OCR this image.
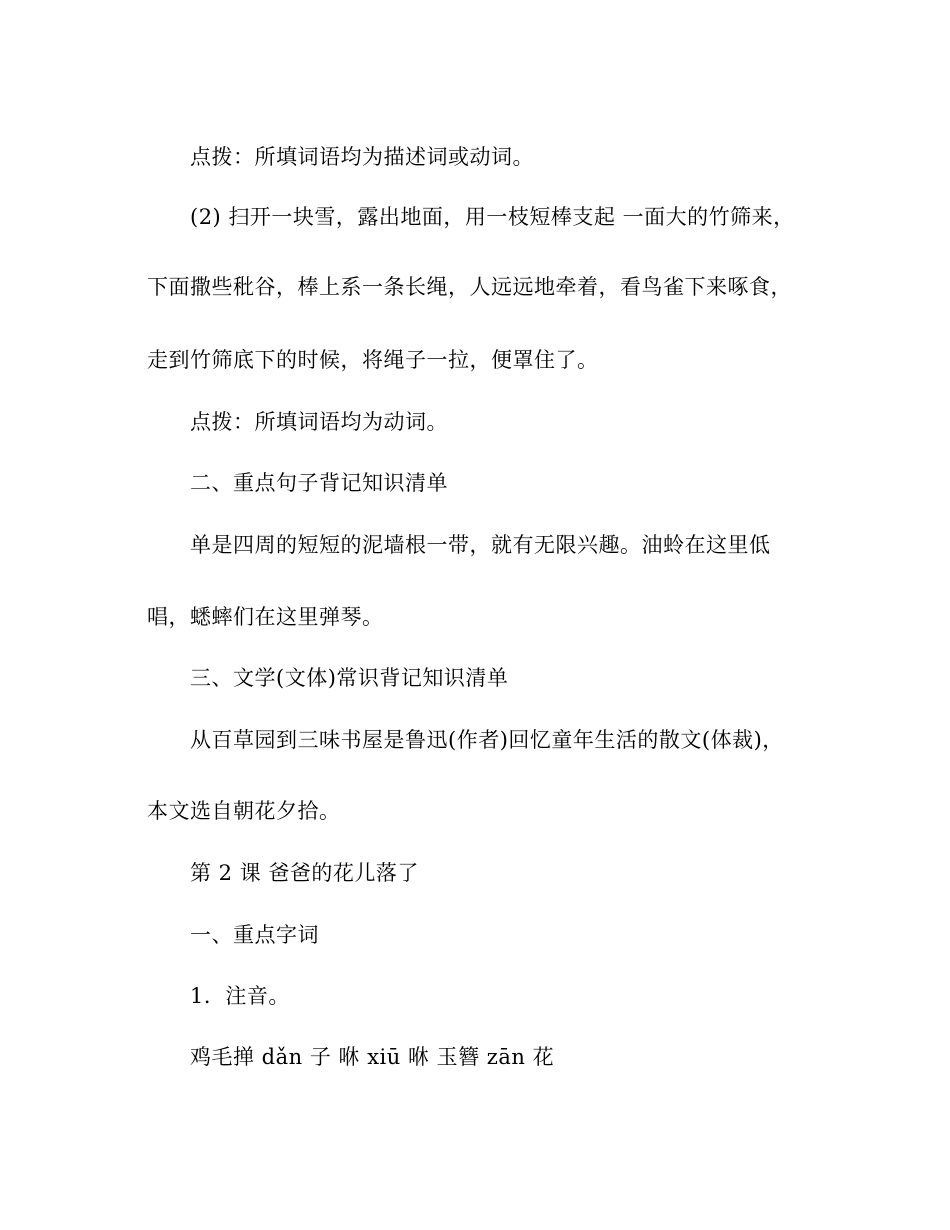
点拨：所填词语均为描述词或动词。
(2) 扫开一块雪，露出地面，用一枝短棒支起 一面大的竹筛来，
下面撒些秕谷，棒上系一条长绳，人远远地牵着，看鸟雀下来啄食，
走到竹筛底下的时候，将绳子一拉，便罩住了。
点拨：所填词语均为动词。
二、重点句子背记知识清单
单是四周的短短的泥墙根一带，就有无限兴趣。油蛉在这里低
唱，蟋蟀们在这里弹琴。
三、文学(文体)常识背记知识清单
从百草园到三味书屋是鲁迅(作者)回忆童年生活的散文(体裁)，
本文选自朝花夕拾。
第 2 课 爸爸的花儿落了
一、重点字词
1．注音。
鸡毛掸 dǎn 子 咻 xiū 咻 玉簪 zān 花
